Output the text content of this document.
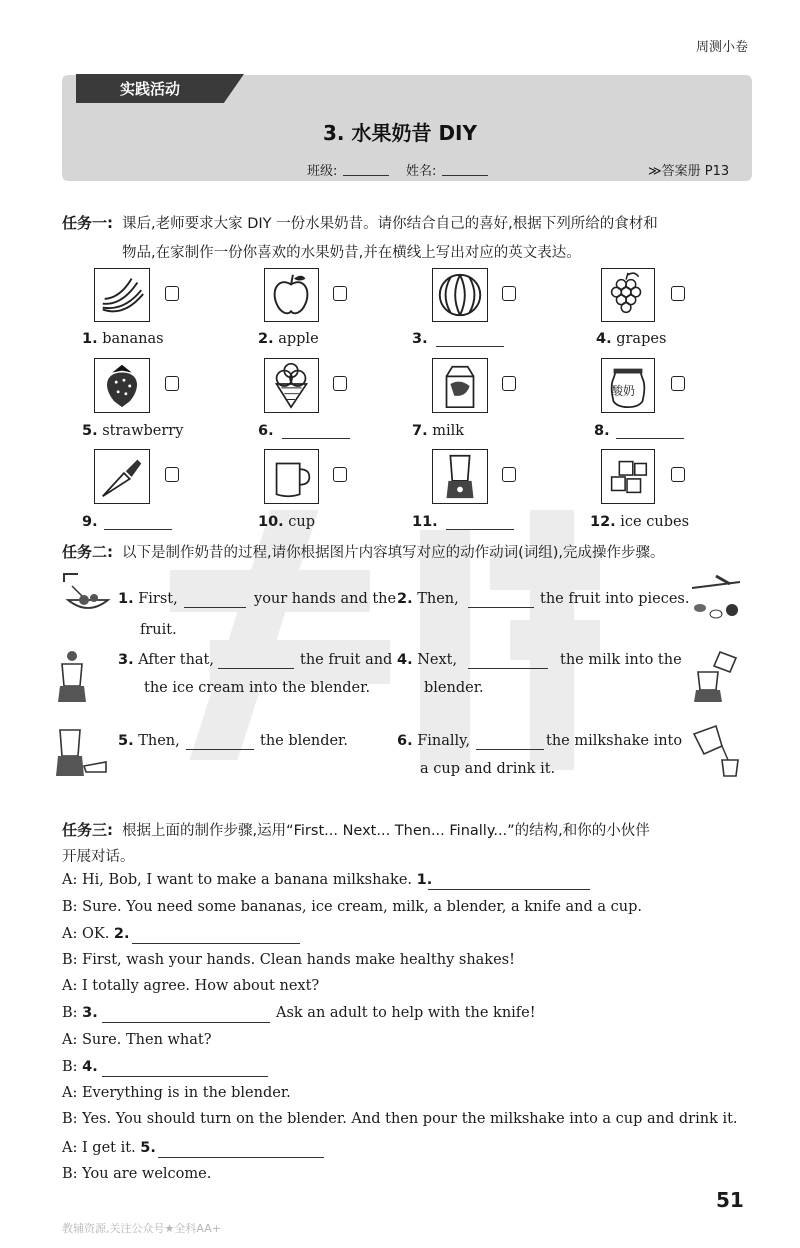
周测小卷
实践活动
3. 水果奶昔 DIY
班级:	姓名:	≫答案册 P13
任务一: 课后,老师要求大家 DIY 一份水果奶昔。请你结合自己的喜好,根据下列所给的食材和
物品,在家制作一份你喜欢的水果奶昔,并在横线上写出对应的英文表达。
1. bananas	2. apple	3.	4. grapes
酸奶
5. strawberry	6.	7. milk	8.
9.	10. cup	11.	12. ice cubes
任务二: 以下是制作奶昔的过程,请你根据图片内容填写对应的动作动词(词组),完成操作步骤。
1. First,	your hands and the
fruit.
2. Then,	the fruit into pieces.
3. After that,	the fruit and
the ice cream into the blender.
4. Next,	the milk into the
blender.
5. Then,	the blender.	6. Finally,	the milkshake into
a cup and drink it.
任务三: 根据上面的制作步骤,运用“First... Next... Then... Finally...”的结构,和你的小伙伴
开展对话。
A: Hi, Bob, I want to make a banana milkshake. 1.
B: Sure. You need some bananas, ice cream, milk, a blender, a knife and a cup.
A: OK. 2.
B: First, wash your hands. Clean hands make healthy shakes!
A: I totally agree. How about next?
B: 3.	Ask an adult to help with the knife!
A: Sure. Then what?
B: 4.
A: Everything is in the blender.
B: Yes. You should turn on the blender. And then pour the milkshake into a cup and drink it.
A: I get it. 5.
B: You are welcome.
51
教辅资源,关注公众号★全科AA+
